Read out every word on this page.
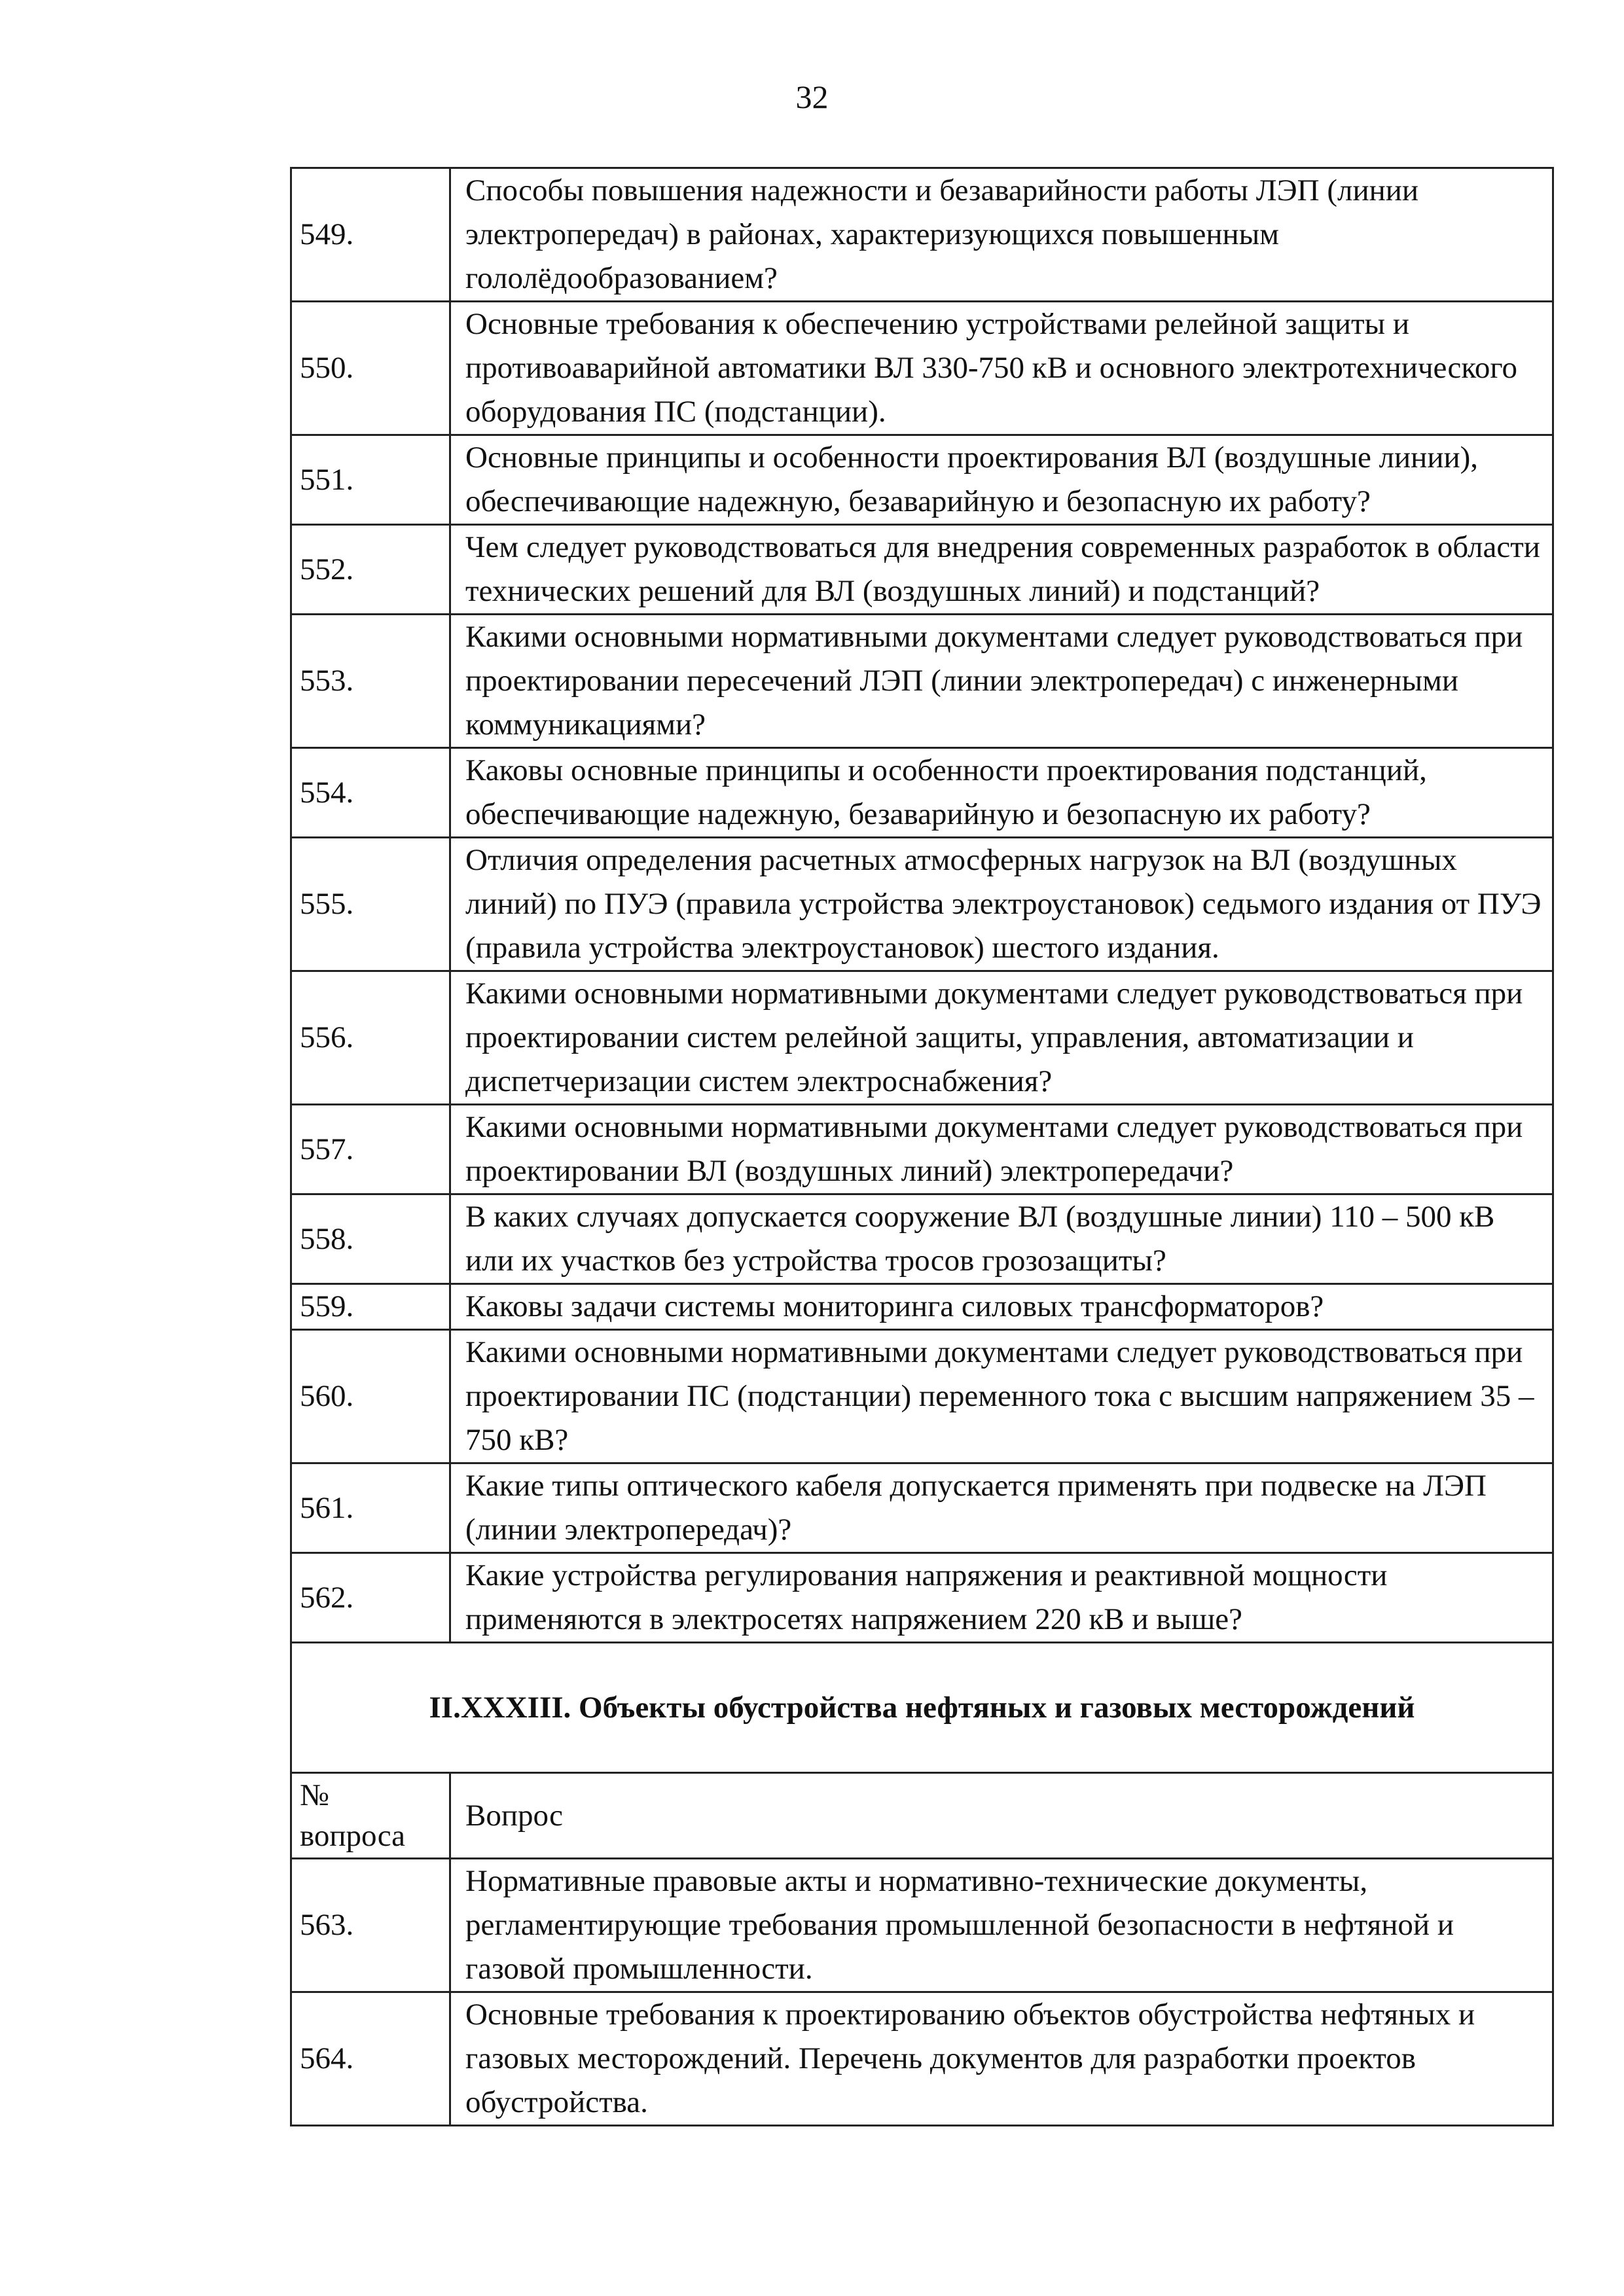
32
549.	Способы повышения надежности и безаварийности работы ЛЭП (линии электропередач) в районах, характеризующихся повышенным гололёдообразованием?
550.	Основные требования к обеспечению устройствами релейной защиты и противоаварийной автоматики ВЛ 330-750 кВ и основного электротехнического оборудования ПС (подстанции).
551.	Основные принципы и особенности проектирования ВЛ (воздушные линии), обеспечивающие надежную, безаварийную и безопасную их работу?
552.	Чем следует руководствоваться для внедрения современных разработок в области технических решений для ВЛ (воздушных линий) и подстанций?
553.	Какими основными нормативными документами следует руководствоваться при проектировании пересечений ЛЭП (линии электропередач) с инженерными коммуникациями?
554.	Каковы основные принципы и особенности проектирования подстанций, обеспечивающие надежную, безаварийную и безопасную их работу?
555.	Отличия определения расчетных атмосферных нагрузок на ВЛ (воздушных линий) по ПУЭ (правила устройства электроустановок) седьмого издания от ПУЭ (правила устройства электроустановок) шестого издания.
556.	Какими основными нормативными документами следует руководствоваться при проектировании систем релейной защиты, управления, автоматизации и диспетчеризации систем электроснабжения?
557.	Какими основными нормативными документами следует руководствоваться при проектировании ВЛ (воздушных линий) электропередачи?
558.	В каких случаях допускается сооружение ВЛ (воздушные линии) 110 – 500 кВ или их участков без устройства тросов грозозащиты?
559.	Каковы задачи системы мониторинга силовых трансформаторов?
560.	Какими основными нормативными документами следует руководствоваться при проектировании ПС (подстанции) переменного тока с высшим напряжением 35 – 750 кВ?
561.	Какие типы оптического кабеля допускается применять при подвеске на ЛЭП (линии электропередач)?
562.	Какие устройства регулирования напряжения и реактивной мощности применяются в электросетях напряжением 220 кВ и выше?
II.XXXIII. Объекты обустройства нефтяных и газовых месторождений	
№
вопроса	Вопрос
563.	Нормативные правовые акты и нормативно-технические документы, регламентирующие требования промышленной безопасности в нефтяной и газовой промышленности.
564.	Основные требования к проектированию объектов обустройства нефтяных и газовых месторождений. Перечень документов для разработки проектов обустройства.
